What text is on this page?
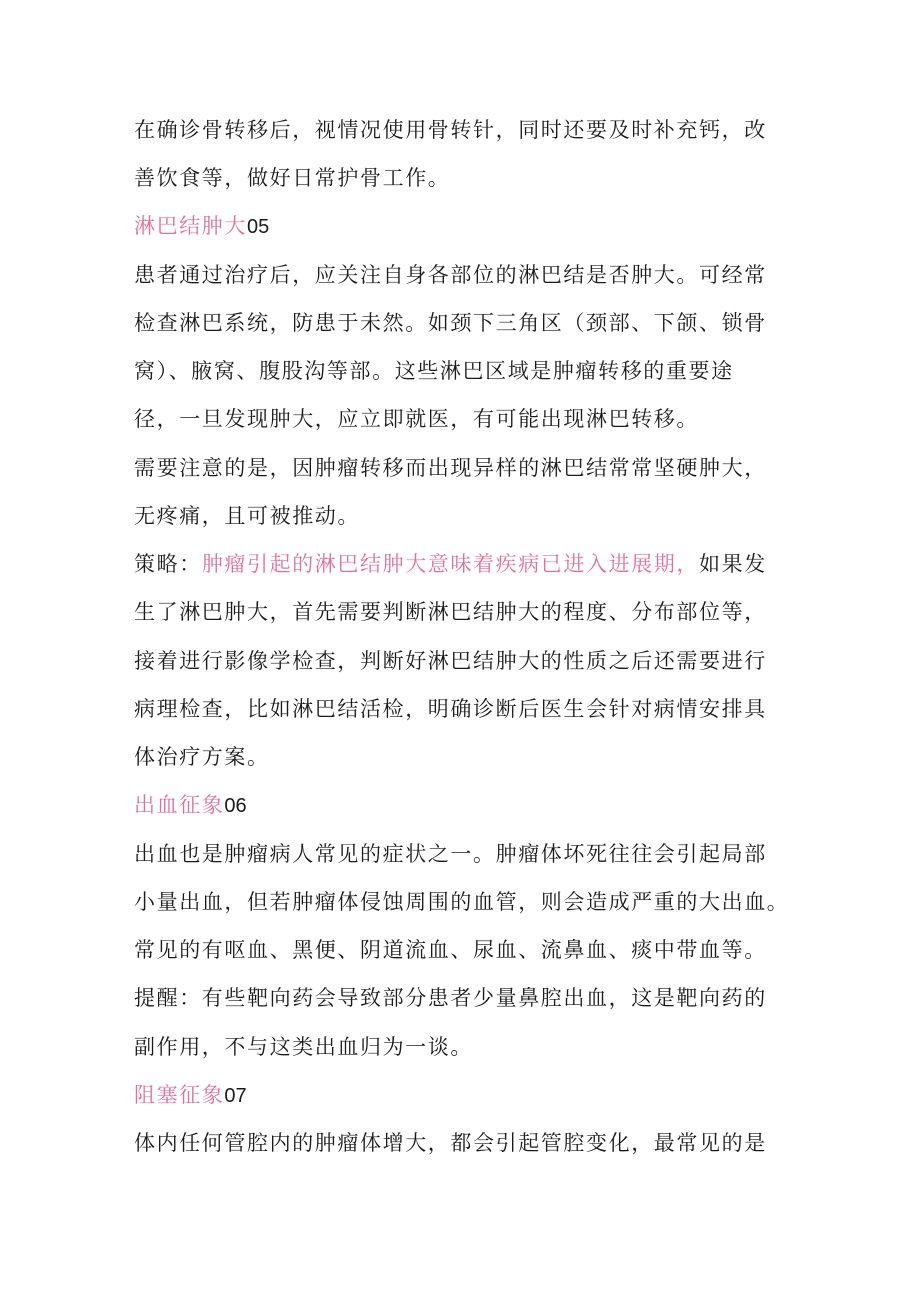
在确诊骨转移后，视情况使用骨转针，同时还要及时补充钙，改
善饮食等，做好日常护骨工作。
淋巴结肿大05
患者通过治疗后，应关注自身各部位的淋巴结是否肿大。可经常
检查淋巴系统，防患于未然。如颈下三角区（颈部、下颌、锁骨
窝）、腋窝、腹股沟等部。这些淋巴区域是肿瘤转移的重要途
径，一旦发现肿大，应立即就医，有可能出现淋巴转移。
需要注意的是，因肿瘤转移而出现异样的淋巴结常常坚硬肿大，
无疼痛，且可被推动。
策略：肿瘤引起的淋巴结肿大意味着疾病已进入进展期，如果发
生了淋巴肿大，首先需要判断淋巴结肿大的程度、分布部位等，
接着进行影像学检查，判断好淋巴结肿大的性质之后还需要进行
病理检查，比如淋巴结活检，明确诊断后医生会针对病情安排具
体治疗方案。
出血征象06
出血也是肿瘤病人常见的症状之一。肿瘤体坏死往往会引起局部
小量出血，但若肿瘤体侵蚀周围的血管，则会造成严重的大出血。
常见的有呕血、黑便、阴道流血、尿血、流鼻血、痰中带血等。
提醒：有些靶向药会导致部分患者少量鼻腔出血，这是靶向药的
副作用，不与这类出血归为一谈。
阻塞征象07
体内任何管腔内的肿瘤体增大，都会引起管腔变化，最常见的是
